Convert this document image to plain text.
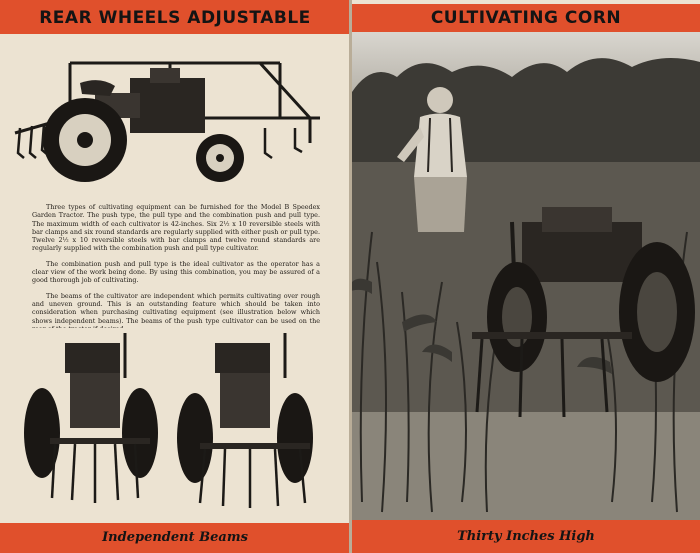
REAR WHEELS ADJUSTABLE

Three types of cultivating equipment can be furnished for the Model B Speedex Garden Tractor. The push type, the pull type and the combination push and pull type. The maximum width of each cultivator is 42-inches. Six 2½ x 10 reversible steels with bar clamps and six round standards are regularly supplied with either push or pull type. Twelve 2½ x 10 reversible steels with bar clamps and twelve round standards are regularly supplied with the combination push and pull type cultivator.

The combination push and pull type is the ideal cultivator as the operator has a clear view of the work being done. By using this combination, you may be assured of a good thorough job of cultivating.

The beams of the cultivator are independent which permits cultivating over rough and uneven ground. This is an outstanding feature which should be taken into consideration when purchasing cultivating equipment (see illustration below which shows independent beams). The beams of the push type cultivator can be used on the rear of the tractor if desired.

Independent Beams
CULTIVATING CORN
Thirty Inches High
